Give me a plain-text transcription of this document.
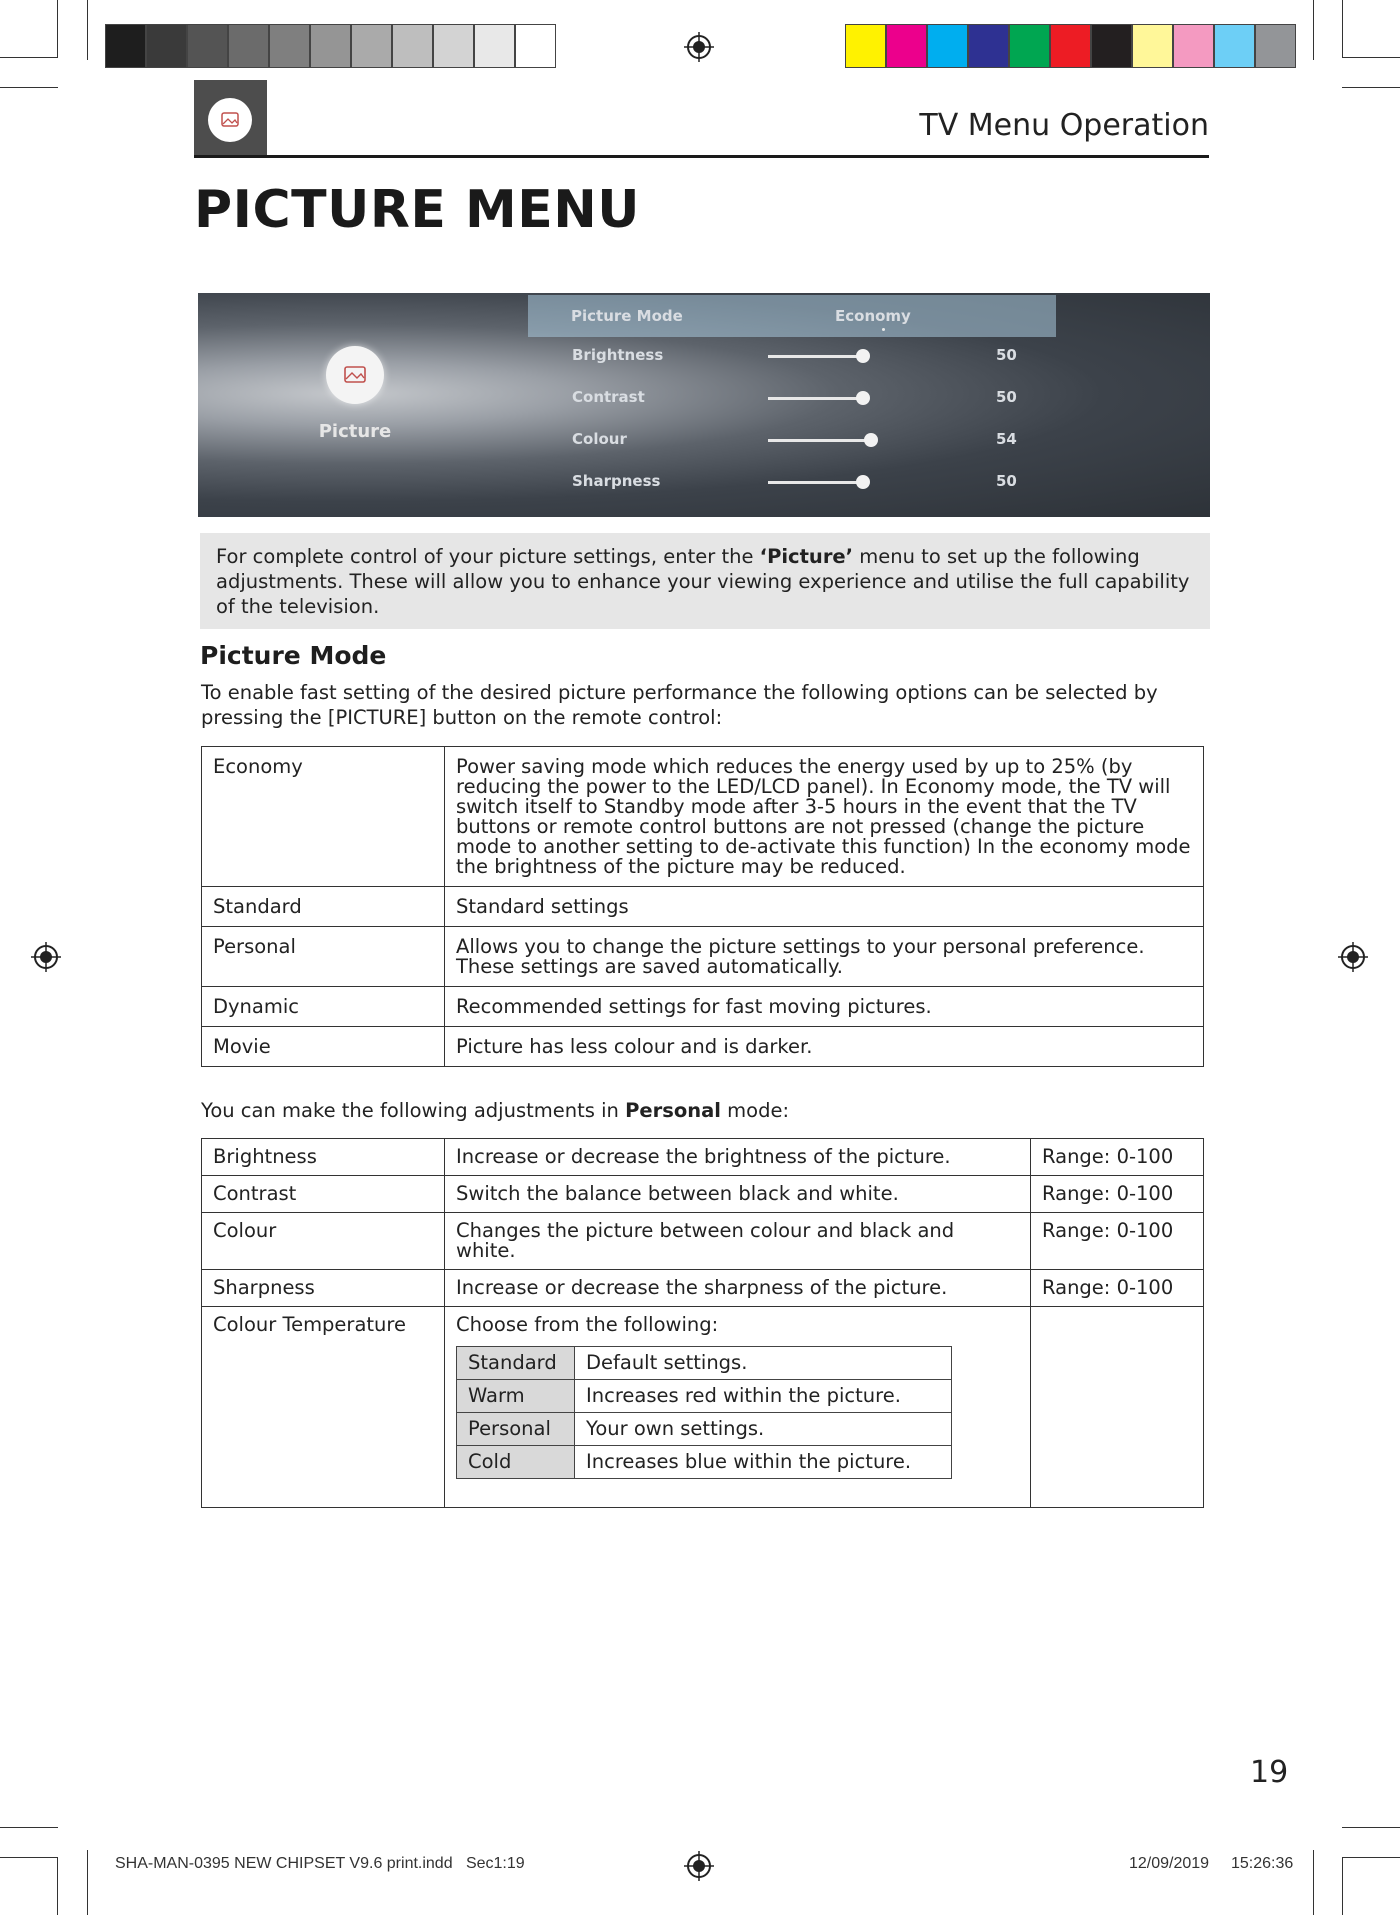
TV Menu Operation
PICTURE MENU
Picture
Picture Mode	Economy
Brightness	50
Contrast	50
Colour	54
Sharpness	50
For complete control of your picture settings, enter the ‘Picture’ menu to set up the following adjustments. These will allow you to enhance your viewing experience and utilise the full capability of the television.
Picture Mode
To enable fast setting of the desired picture performance the following options can be selected by pressing the [PICTURE] button on the remote control:
Economy	Power saving mode which reduces the energy used by up to 25% (by reducing the power to the LED/LCD panel). In Economy mode, the TV will switch itself to Standby mode after 3-5 hours in the event that the TV buttons or remote control buttons are not pressed (change the picture mode to another setting to de-activate this function) In the economy mode the brightness of the picture may be reduced.
Standard	Standard settings
Personal	Allows you to change the picture settings to your personal preference. These settings are saved automatically.
Dynamic	Recommended settings for fast moving pictures.
Movie	Picture has less colour and is darker.
You can make the following adjustments in Personal mode:
Brightness	Increase or decrease the brightness of the picture.	Range: 0-100
Contrast	Switch the balance between black and white.	Range: 0-100
Colour	Changes the picture between colour and black and white.	Range: 0-100
Sharpness	Increase or decrease the sharpness of the picture.	Range: 0-100
Colour Temperature	Choose from the following:
Standard	Default settings.
Warm	Increases red within the picture.
Personal	Your own settings.
Cold	Increases blue within the picture.

19
SHA-MAN-0395 NEW CHIPSET V9.6 print.indd   Sec1:19	12/09/2019 15:26:36
